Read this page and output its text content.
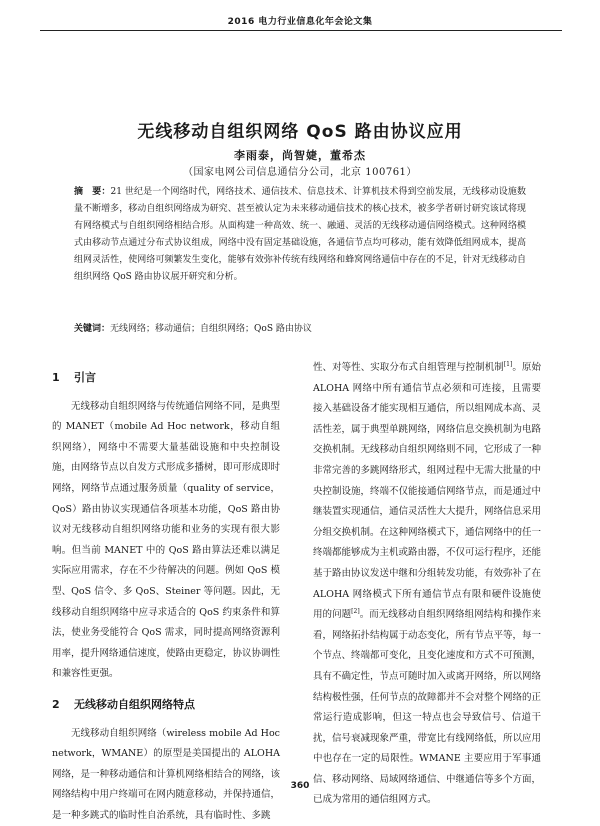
2016 电力行业信息化年会论文集
无线移动自组织网络 QoS 路由协议应用
李雨泰，尚智婕，董希杰
（国家电网公司信息通信分公司，北京 100761）
摘　要：21 世纪是一个网络时代，网络技术、通信技术、信息技术、计算机技术得到空前发展，无线移动设施数量不断增多，移动自组织网络成为研究、甚至被认定为未来移动通信技术的核心技术，被多学者研讨研究该试将现有网络模式与自组织网络相结合形。从面构建一种高效、统一、融通、灵活的无线移动通信网络模式。这种网络模式由移动节点通过分布式协议组成，网络中没有固定基础设施，各通信节点均可移动，能有效降低组网成本，提高组网灵活性，使网络可频繁发生变化，能够有效弥补传统有线网络和蜂窝网络通信中存在的不足，针对无线移动自组织网络 QoS 路由协议展开研究和分析。
关键词：无线网络；移动通信；自组织网络；QoS 路由协议
1 引言

无线移动自组织网络与传统通信网络不同，是典型的 MANET（mobile Ad Hoc network，移动自组织网络），网络中不需要大量基础设施和中央控制设施，由网络节点以自发方式形成多播树，即可形成即时网络，网络节点通过服务质量（quality of service，QoS）路由协议实现通信各项基本功能，QoS 路由协议对无线移动自组织网络功能和业务的实现有很大影响。但当前 MANET 中的 QoS 路由算法还难以满足实际应用需求，存在不少待解决的问题。例如 QoS 模型、QoS 信令、多 QoS、Steiner 等问题。因此，无线移动自组织网络中应寻求适合的 QoS 约束条件和算法，使业务受能符合 QoS 需求，同时提高网络资源利用率，提升网络通信速度，使路由更稳定，协议协调性和兼容性更强。

2 无线移动自组织网络特点

无线移动自组织网络（wireless mobile Ad Hoc network，WMANE）的原型是美国提出的 ALOHA 网络，是一种移动通信和计算机网络相结合的网络，该网络结构中用户终端可在网内随意移动，并保持通信，是一种多跳式的临时性自治系统，具有临时性、多跳

性、对等性、实取分布式自组管理与控制机制[1]。原始 ALOHA 网络中所有通信节点必须和可连接，且需要接入基础设备才能实现相互通信，所以组网成本高、灵活性差，属于典型单跳网络，网络信息交换机制为电路交换机制。无线移动自组织网络则不同，它形成了一种非常完善的多跳网络形式，组网过程中无需大批量的中央控制设施，终端不仅能接通信网络节点，而是通过中继装置实现通信，通信灵活性大大提升，网络信息采用分组交换机制。在这种网络模式下，通信网络中的任一终端都能够成为主机或路由器，不仅可运行程序，还能基于路由协议发送中继和分组转发功能，有效弥补了在 ALOHA 网络模式下所有通信节点有限和硬件设施使用的问题[2]。而无线移动自组织网络组网结构和操作来看，网络拓扑结构属于动态变化，所有节点平等，每一个节点、终端都可变化，且变化速度和方式不可预测，具有不确定性，节点可随时加入或离开网络，所以网络结构极性强，任何节点的故障都并不会对整个网络的正常运行造成影响，但这一特点也会导致信号、信道干扰，信号衰减现象严重，带宽比有线网络低，所以应用中也存在一定的局限性。WMANE 主要应用于军事通信、移动网络、局域网络通信、中继通信等多个方面，已成为常用的通信组网方式。

360
